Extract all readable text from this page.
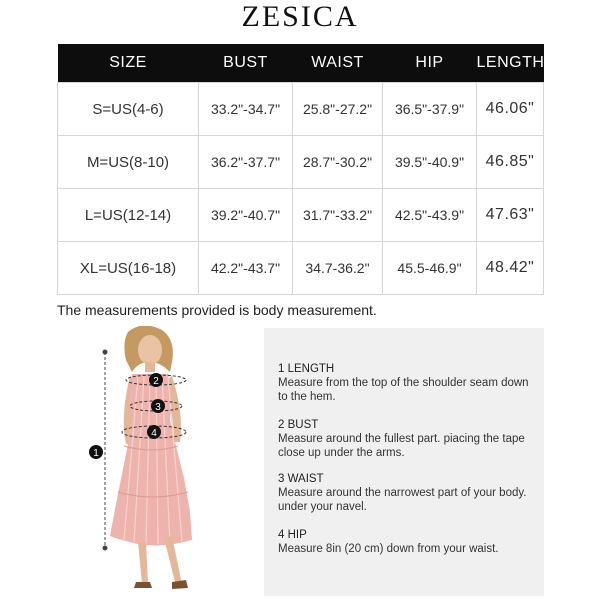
ZESICA
SIZE	BUST	WAIST	HIP	LENGTH
S=US(4-6)	33.2"-34.7"	25.8"-27.2"	36.5"-37.9"	46.06"
M=US(8-10)	36.2"-37.7"	28.7"-30.2"	39.5"-40.9"	46.85"
L=US(12-14)	39.2"-40.7"	31.7"-33.2"	42.5"-43.9"	47.63"
XL=US(16-18)	42.2"-43.7"	34.7-36.2"	45.5-46.9"	48.42"
The measurements provided is body measurement.
1
2
3
4
1 LENGTH
Measure from the top of the shoulder seam down to the hem.
2 BUST
Measure around the fullest part. piacing the tape close up under the arms.
3 WAIST
Measure around the narrowest part of your body. under your navel.
4 HIP
Measure 8in (20 cm) down from your waist.
